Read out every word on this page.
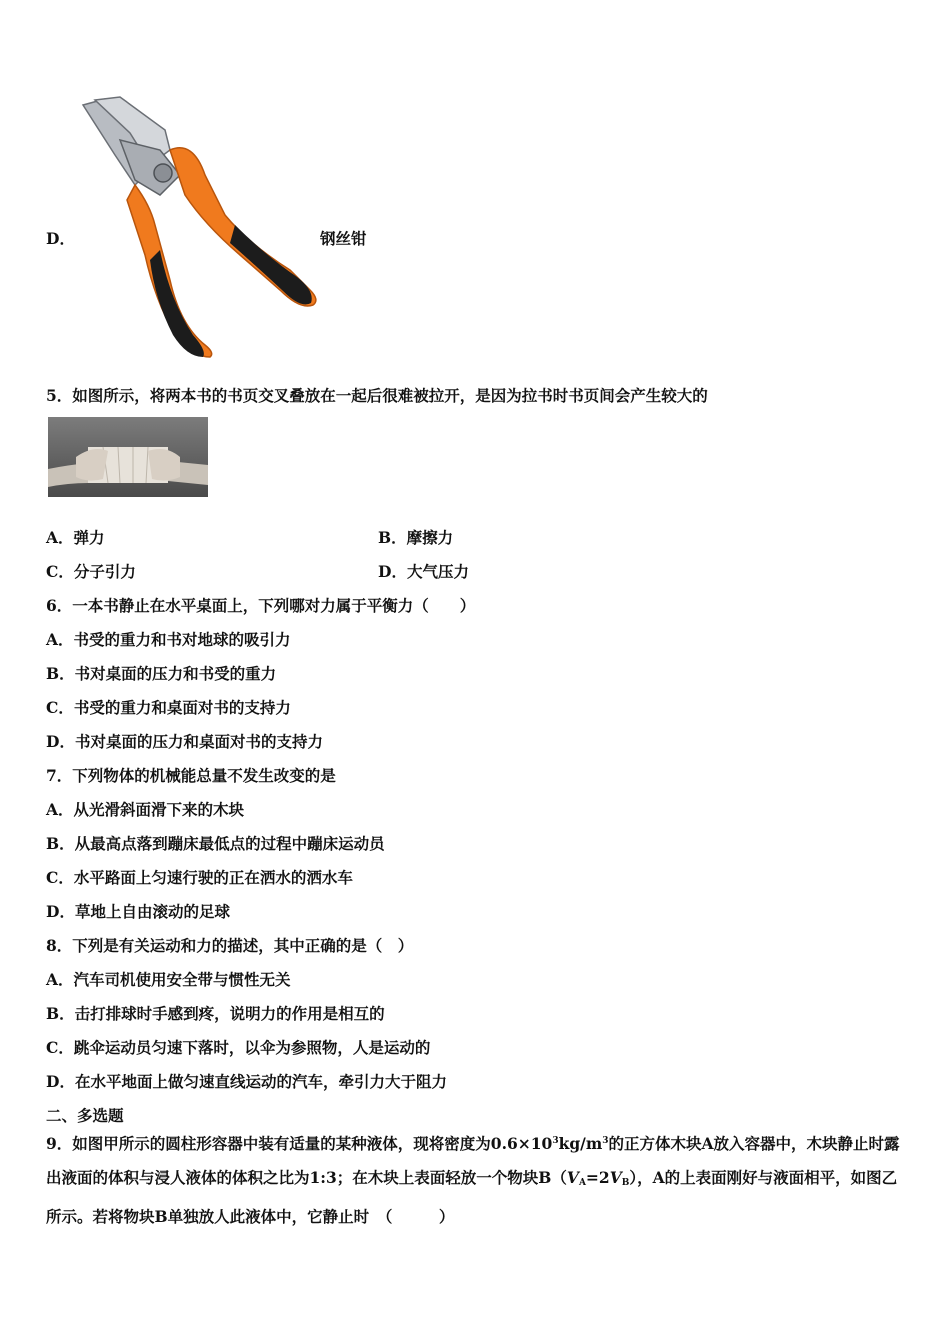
D．	钢丝钳
5．如图所示，将两本书的书页交叉叠放在一起后很难被拉开，是因为拉书时书页间会产生较大的
A．弹力	B．摩擦力
C．分子引力	D．大气压力
6．一本书静止在水平桌面上，下列哪对力属于平衡力（　　）
A．书受的重力和书对地球的吸引力
B．书对桌面的压力和书受的重力
C．书受的重力和桌面对书的支持力
D．书对桌面的压力和桌面对书的支持力
7．下列物体的机械能总量不发生改变的是
A．从光滑斜面滑下来的木块
B．从最高点落到蹦床最低点的过程中蹦床运动员
C．水平路面上匀速行驶的正在洒水的洒水车
D．草地上自由滚动的足球
8．下列是有关运动和力的描述，其中正确的是（　）
A．汽车司机使用安全带与惯性无关
B．击打排球时手感到疼，说明力的作用是相互的
C．跳伞运动员匀速下落时，以伞为参照物，人是运动的
D．在水平地面上做匀速直线运动的汽车，牵引力大于阻力
二、多选题
9．如图甲所示的圆柱形容器中装有适量的某种液体，现将密度为$0.6\times 10^3kg/m^3$的正方体木块A放入容器中，木块静止时露出液面的体积与浸人液体的体积之比为1:3；在木块上表面轻放一个物块$B(V_A=2V_B)$，A的上表面刚好与液面相平，如图乙所示。若将物块B单独放人此液体中，它静止时　（　　　）
